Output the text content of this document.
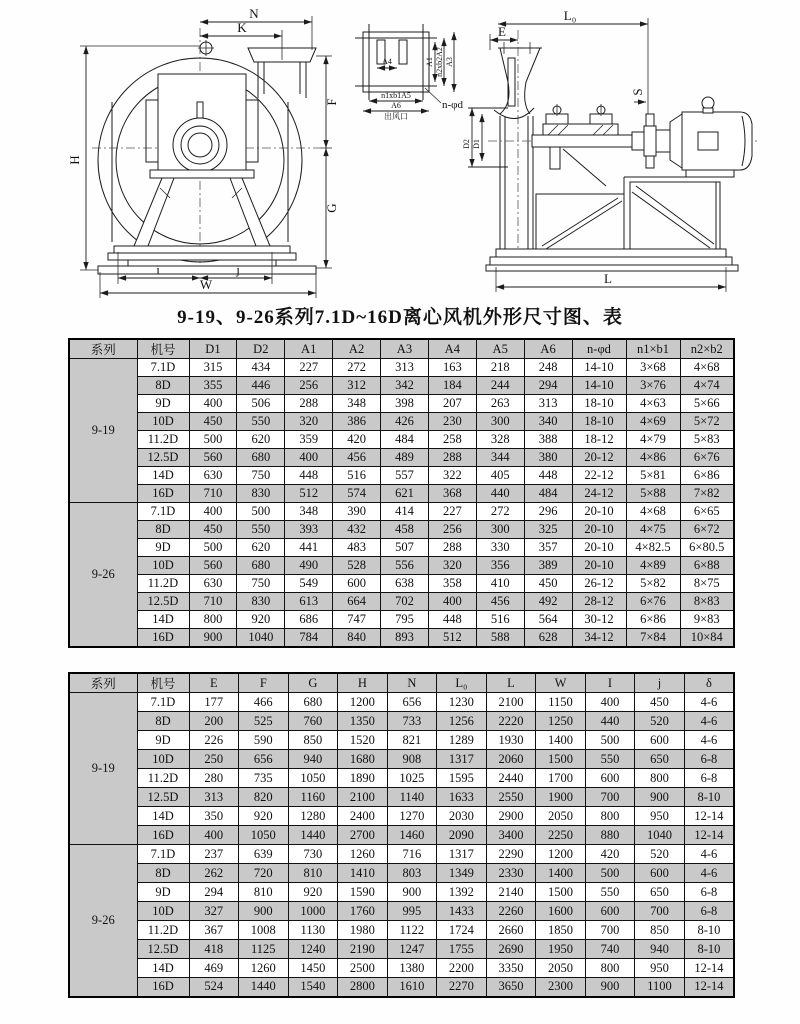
N
K
H
F
G
i	j
W
A4	A1 n2xb2A2 A3
n1xb1A5
A6	n-φd
出风口
L₀
E
D2 D1
S
L
9-19、9-26系列7.1D~16D离心风机外形尺寸图、表
系列	机号	D1	D2	A1	A2	A3	A4	A5	A6	n-φd	n1×b1	n2×b2
9-19	7.1D	315	434	227	272	313	163	218	248	14-10	3×68	4×68
	8D	355	446	256	312	342	184	244	294	14-10	3×76	4×74
	9D	400	506	288	348	398	207	263	313	18-10	4×63	5×66
	10D	450	550	320	386	426	230	300	340	18-10	4×69	5×72
	11.2D	500	620	359	420	484	258	328	388	18-12	4×79	5×83
	12.5D	560	680	400	456	489	288	344	380	20-12	4×86	6×76
	14D	630	750	448	516	557	322	405	448	22-12	5×81	6×86
	16D	710	830	512	574	621	368	440	484	24-12	5×88	7×82
9-26	7.1D	400	500	348	390	414	227	272	296	20-10	4×68	6×65
	8D	450	550	393	432	458	256	300	325	20-10	4×75	6×72
	9D	500	620	441	483	507	288	330	357	20-10	4×82.5	6×80.5
	10D	560	680	490	528	556	320	356	389	20-10	4×89	6×88
	11.2D	630	750	549	600	638	358	410	450	26-12	5×82	8×75
	12.5D	710	830	613	664	702	400	456	492	28-12	6×76	8×83
	14D	800	920	686	747	795	448	516	564	30-12	6×86	9×83
	16D	900	1040	784	840	893	512	588	628	34-12	7×84	10×84
系列	机号	E	F	G	H	N	L₀	L	W	I	j	δ
9-19	7.1D	177	466	680	1200	656	1230	2100	1150	400	450	4-6
	8D	200	525	760	1350	733	1256	2220	1250	440	520	4-6
	9D	226	590	850	1520	821	1289	1930	1400	500	600	4-6
	10D	250	656	940	1680	908	1317	2060	1500	550	650	6-8
	11.2D	280	735	1050	1890	1025	1595	2440	1700	600	800	6-8
	12.5D	313	820	1160	2100	1140	1633	2550	1900	700	900	8-10
	14D	350	920	1280	2400	1270	2030	2900	2050	800	950	12-14
	16D	400	1050	1440	2700	1460	2090	3400	2250	880	1040	12-14
9-26	7.1D	237	639	730	1260	716	1317	2290	1200	420	520	4-6
	8D	262	720	810	1410	803	1349	2330	1400	500	600	4-6
	9D	294	810	920	1590	900	1392	2140	1500	550	650	6-8
	10D	327	900	1000	1760	995	1433	2260	1600	600	700	6-8
	11.2D	367	1008	1130	1980	1122	1724	2660	1850	700	850	8-10
	12.5D	418	1125	1240	2190	1247	1755	2690	1950	740	940	8-10
	14D	469	1260	1450	2500	1380	2200	3350	2050	800	950	12-14
	16D	524	1440	1540	2800	1610	2270	3650	2300	900	1100	12-14
